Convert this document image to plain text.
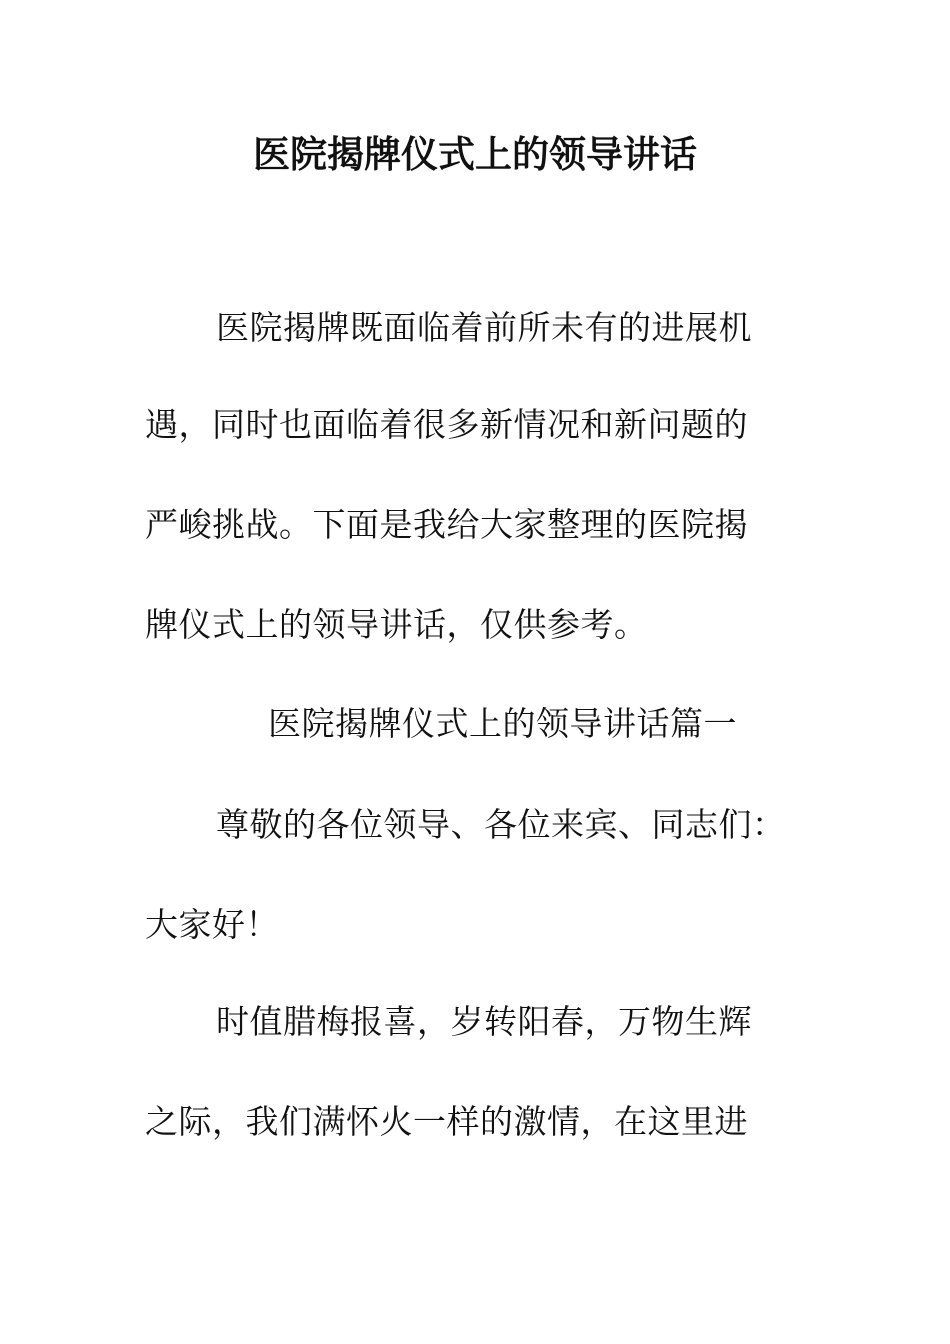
医院揭牌仪式上的领导讲话
医院揭牌既面临着前所未有的进展机
遇，同时也面临着很多新情况和新问题的
严峻挑战。下面是我给大家整理的医院揭
牌仪式上的领导讲话，仅供参考。
医院揭牌仪式上的领导讲话篇一
尊敬的各位领导、各位来宾、同志们：
大家好！
时值腊梅报喜，岁转阳春，万物生辉
之际，我们满怀火一样的激情，在这里进
